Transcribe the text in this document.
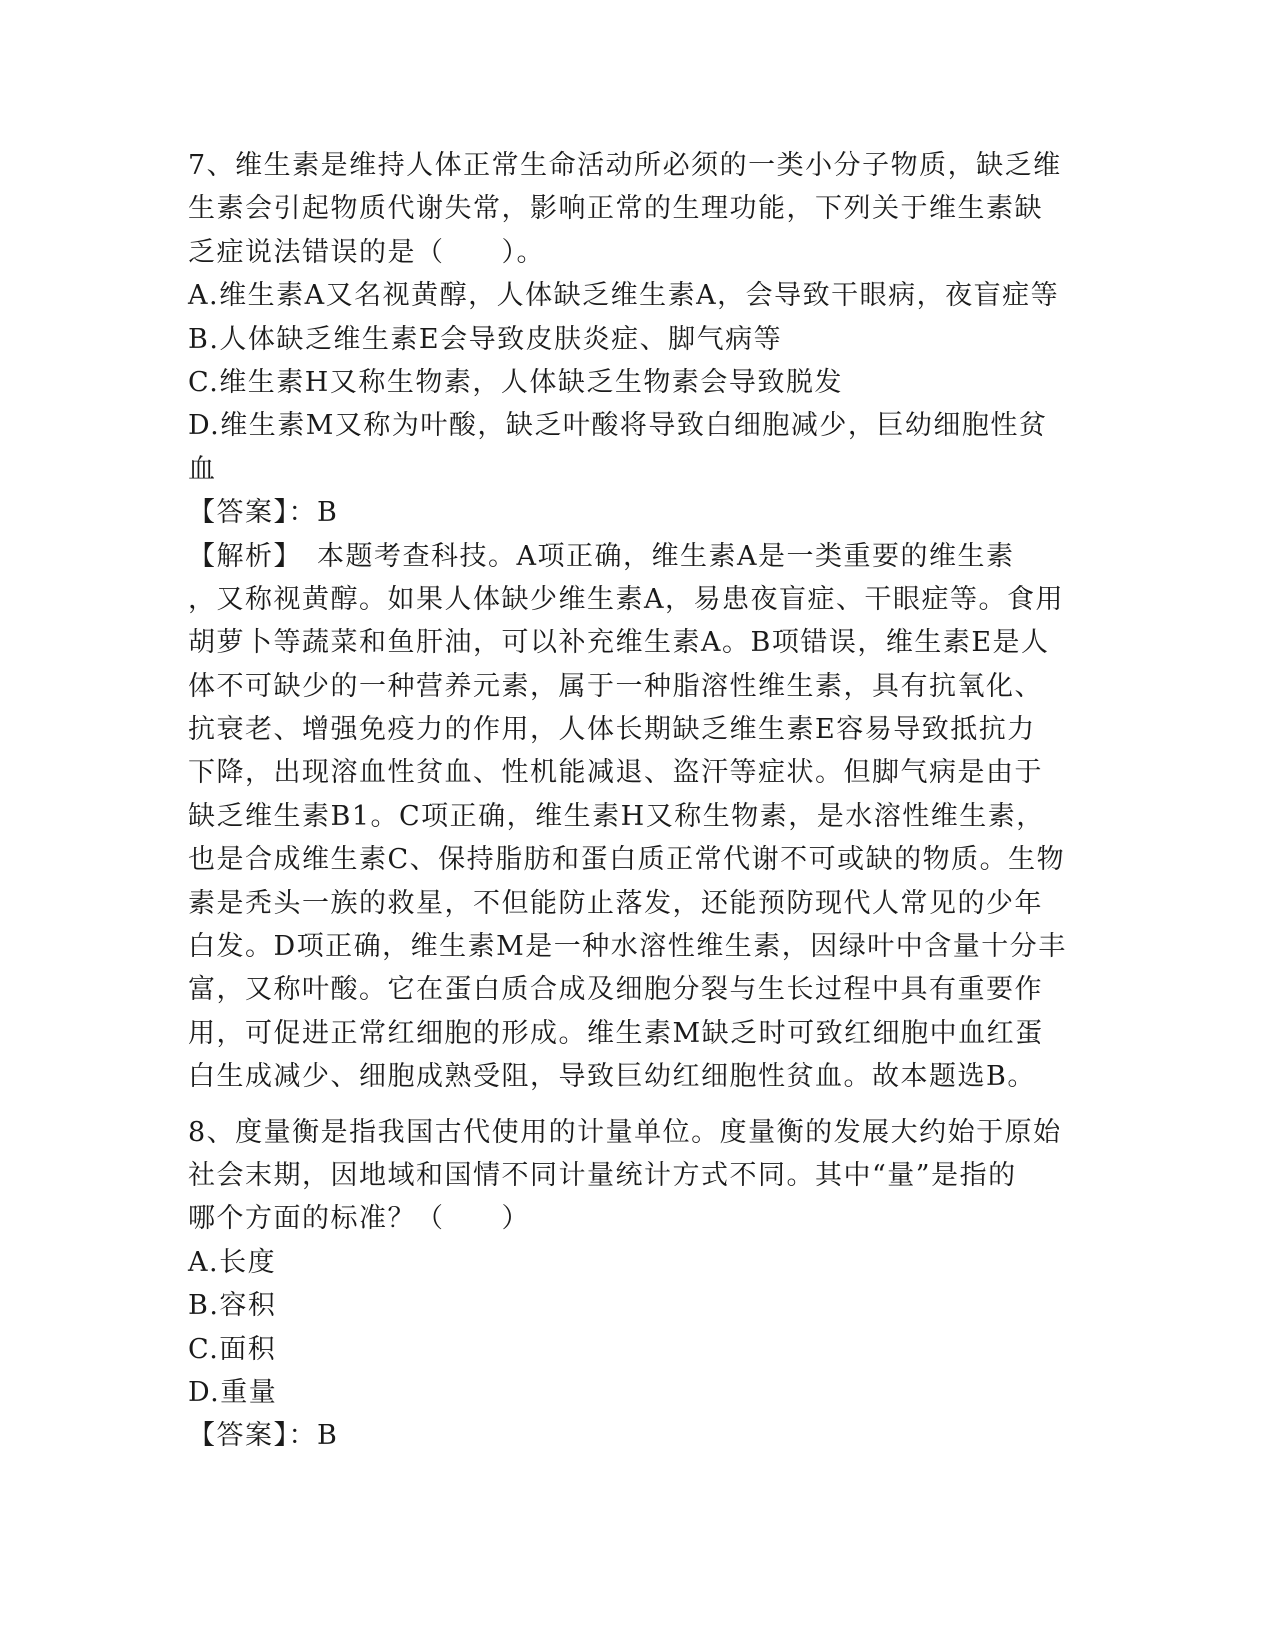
7、维生素是维持人体正常生命活动所必须的一类小分子物质，缺乏维
生素会引起物质代谢失常，影响正常的生理功能，下列关于维生素缺
乏症说法错误的是（　　）。
A.维生素A又名视黄醇，人体缺乏维生素A，会导致干眼病，夜盲症等
B.人体缺乏维生素E会导致皮肤炎症、脚气病等
C.维生素H又称生物素，人体缺乏生物素会导致脱发
D.维生素M又称为叶酸，缺乏叶酸将导致白细胞减少，巨幼细胞性贫
血
【答案】：B
【解析】　本题考查科技。A项正确，维生素A是一类重要的维生素
，又称视黄醇。如果人体缺少维生素A，易患夜盲症、干眼症等。食用
胡萝卜等蔬菜和鱼肝油，可以补充维生素A。B项错误，维生素E是人
体不可缺少的一种营养元素，属于一种脂溶性维生素，具有抗氧化、
抗衰老、增强免疫力的作用，人体长期缺乏维生素E容易导致抵抗力
下降，出现溶血性贫血、性机能减退、盗汗等症状。但脚气病是由于
缺乏维生素B1。C项正确，维生素H又称生物素，是水溶性维生素，
也是合成维生素C、保持脂肪和蛋白质正常代谢不可或缺的物质。生物
素是秃头一族的救星，不但能防止落发，还能预防现代人常见的少年
白发。D项正确，维生素M是一种水溶性维生素，因绿叶中含量十分丰
富，又称叶酸。它在蛋白质合成及细胞分裂与生长过程中具有重要作
用，可促进正常红细胞的形成。维生素M缺乏时可致红细胞中血红蛋
白生成减少、细胞成熟受阻，导致巨幼红细胞性贫血。故本题选B。
8、度量衡是指我国古代使用的计量单位。度量衡的发展大约始于原始
社会末期，因地域和国情不同计量统计方式不同。其中“量”是指的
哪个方面的标准？（　　）
A.长度
B.容积
C.面积
D.重量
【答案】：B
